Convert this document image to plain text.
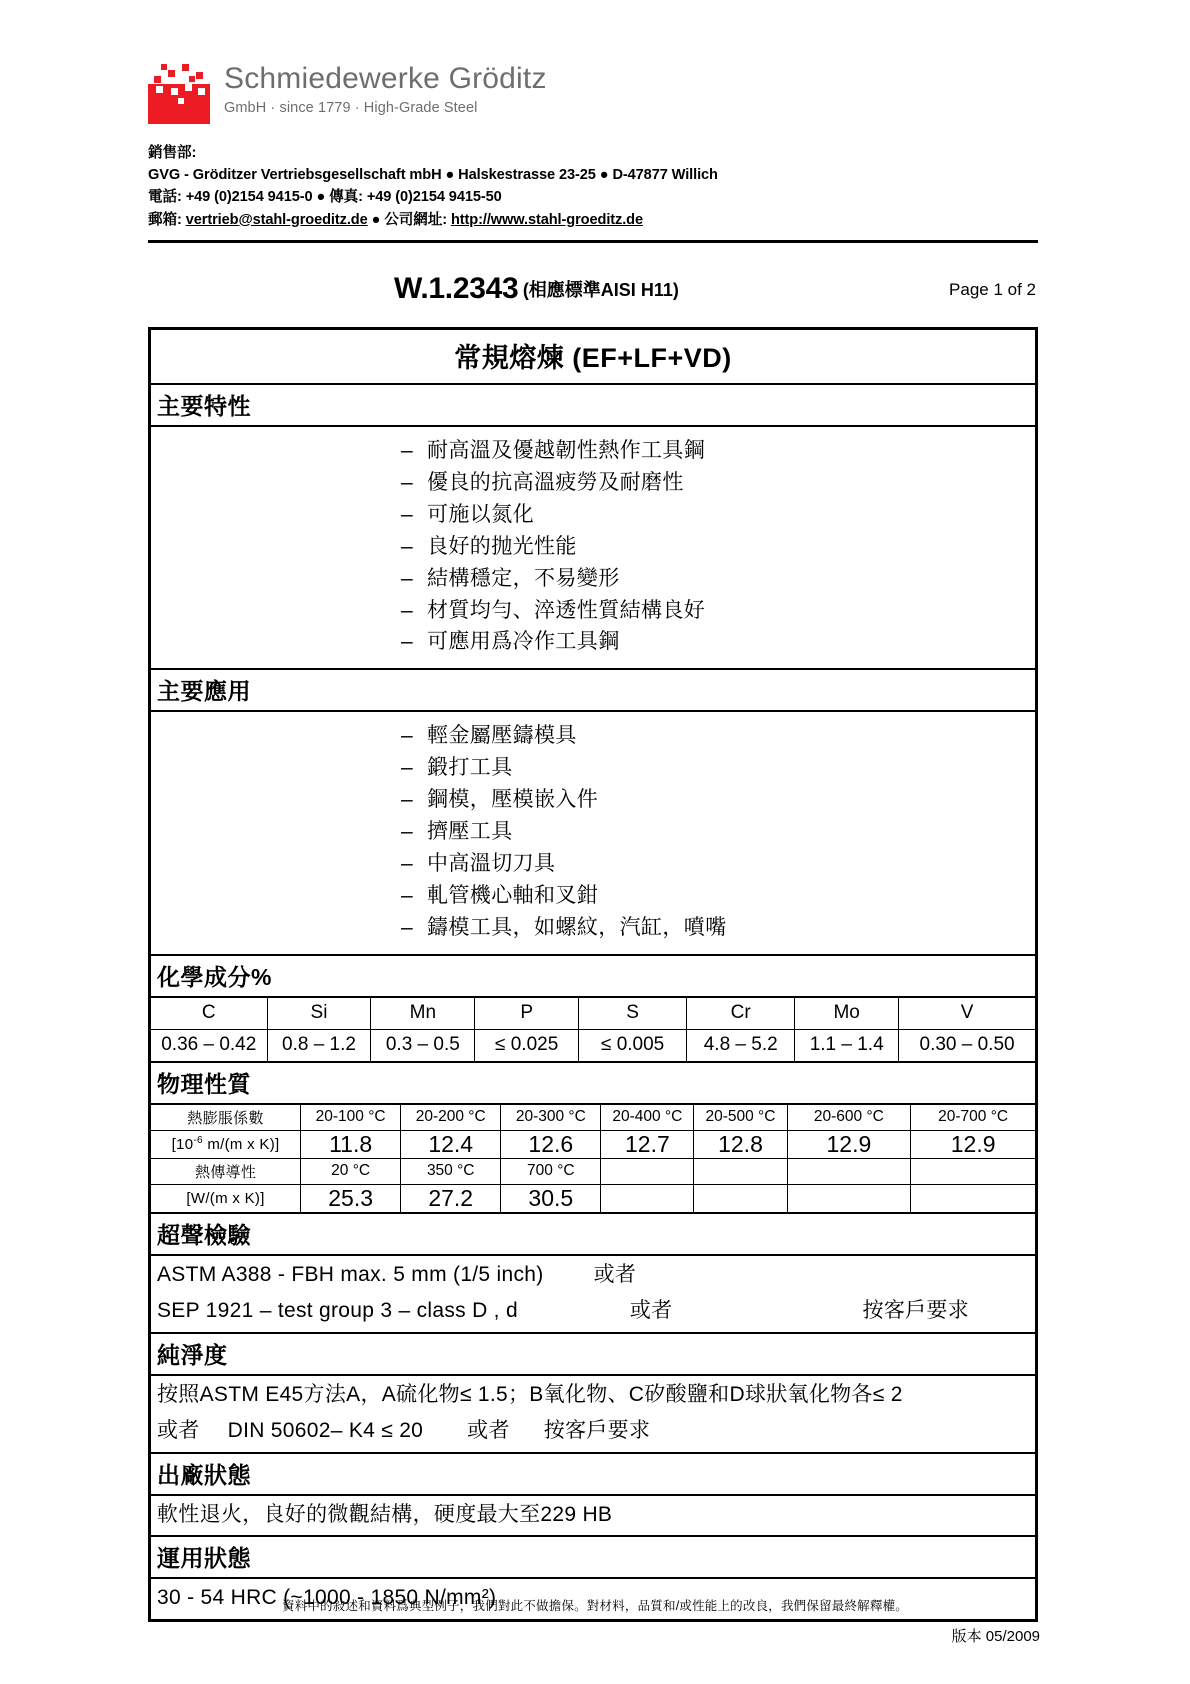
Schmiedewerke Gröditz
GmbH · since 1779 · High-Grade Steel
銷售部:
GVG - Gröditzer Vertriebsgesellschaft mbH ● Halskestrasse 23-25 ● D-47877 Willich
電話: +49 (0)2154 9415-0 ● 傳真: +49 (0)2154 9415-50
郵箱: vertrieb@stahl-groeditz.de ● 公司網址: http://www.stahl-groeditz.de
W.1.2343 (相應標準AISI H11)	Page 1 of 2
常規熔煉 (EF+LF+VD)
主要特性
– 耐高溫及優越韌性熱作工具鋼
– 優良的抗高溫疲勞及耐磨性
– 可施以氮化
– 良好的抛光性能
– 結構穩定，不易變形
– 材質均勻、淬透性質結構良好
– 可應用爲冷作工具鋼
主要應用
– 輕金屬壓鑄模具
– 鍛打工具
– 鋼模，壓模嵌入件
– 擠壓工具
– 中高溫切刀具
– 軋管機心軸和叉鉗
– 鑄模工具，如螺紋，汽缸，噴嘴
化學成分%
C	Si	Mn	P	S	Cr	Mo	V
0.36 – 0.42	0.8 – 1.2	0.3 – 0.5	≤ 0.025	≤ 0.005	4.8 – 5.2	1.1 – 1.4	0.30 – 0.50
物理性質
熱膨脹係數	20-100 °C	20-200 °C	20-300 °C	20-400 °C	20-500 °C	20-600 °C	20-700 °C
[$10^{-6}$ m/(m x K)]	11.8	12.4	12.6	12.7	12.8	12.9	12.9
熱傳導性	20 °C	350 °C	700 °C				
[W/(m x K)]	25.3	27.2	30.5				
超聲檢驗
ASTM A388 - FBH max. 5 mm (1/5 inch) 或者
SEP 1921 – test group 3 – class D , d	或者	按客戶要求
純淨度
按照ASTM E45方法A，A硫化物≤ 1.5；B氧化物、C矽酸鹽和D球狀氧化物各≤ 2
或者 DIN 50602– K4 ≤ 20 或者 按客戶要求
出廠狀態
軟性退火，良好的微觀結構，硬度最大至229 HB
運用狀態
30 - 54 HRC (~1000 - 1850 N/mm²)
資料中的敍述和資料爲典型例子，我們對此不做擔保。對材料，品質和/或性能上的改良，我們保留最終解釋權。
版本 05/2009
